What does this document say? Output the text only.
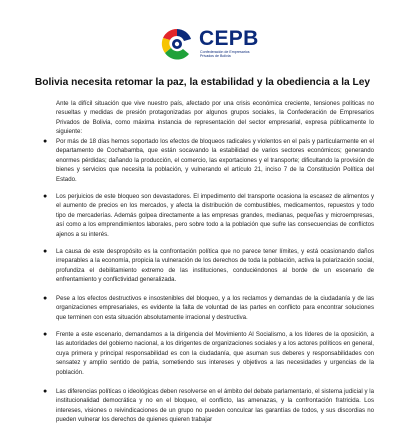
CEPB
Confederación de Empresarios Privados de Bolivia
Bolivia necesita retomar la paz, la estabilidad y la obediencia a la Ley

Ante la difícil situación que vive nuestro país, afectado por una crisis económica creciente, tensiones políticas no resueltas y medidas de presión protagonizadas por algunos grupos sociales, la Confederación de Empresarios Privados de Bolivia, como máxima instancia de representación del sector empresarial, expresa públicamente lo siguiente:

● Por más de 18 días hemos soportado los efectos de bloqueos radicales y violentos en el país y particularmente en el departamento de Cochabamba, que están socavando la estabilidad de varios sectores económicos; generando enormes pérdidas; dañando la producción, el comercio, las exportaciones y el transporte; dificultando la provisión de bienes y servicios que necesita la población, y vulnerando el artículo 21, inciso 7 de la Constitución Política del Estado.
● Los perjuicios de este bloqueo son devastadores. El impedimento del transporte ocasiona la escasez de alimentos y el aumento de precios en los mercados, y afecta la distribución de combustibles, medicamentos, repuestos y todo tipo de mercaderías. Además golpea directamente a las empresas grandes, medianas, pequeñas y microempresas, así como a los emprendimientos laborales, pero sobre todo a la población que sufre las consecuencias de conflictos ajenos a su interés.
● La causa de este despropósito es la confrontación política que no parece tener límites, y está ocasionando daños irreparables a la economía, propicia la vulneración de los derechos de toda la población, activa la polarización social, profundiza el debilitamiento extremo de las instituciones, conduciéndonos al borde de un escenario de enfrentamiento y conflictividad generalizada.
● Pese a los efectos destructivos e insostenibles del bloqueo, y a los reclamos y demandas de la ciudadanía y de las organizaciones empresariales, es evidente la falta de voluntad de las partes en conflicto para encontrar soluciones que terminen con esta situación absolutamente irracional y destructiva.
● Frente a este escenario, demandamos a la dirigencia del Movimiento Al Socialismo, a los líderes de la oposición, a las autoridades del gobierno nacional, a los dirigentes de organizaciones sociales y a los actores políticos en general, cuya primera y principal responsabilidad es con la ciudadanía, que asuman sus deberes y responsabilidades con sensatez y amplio sentido de patria, sometiendo sus intereses y objetivos a las necesidades y urgencias de la población.
● Las diferencias políticas o ideológicas deben resolverse en el ámbito del debate parlamentario, el sistema judicial y la institucionalidad democrática y no en el bloqueo, el conflicto, las amenazas, y la confrontación fratricida. Los intereses, visiones o reivindicaciones de un grupo no pueden conculcar las garantías de todos, y sus discordias no pueden vulnerar los derechos de quienes quieren trabajar
